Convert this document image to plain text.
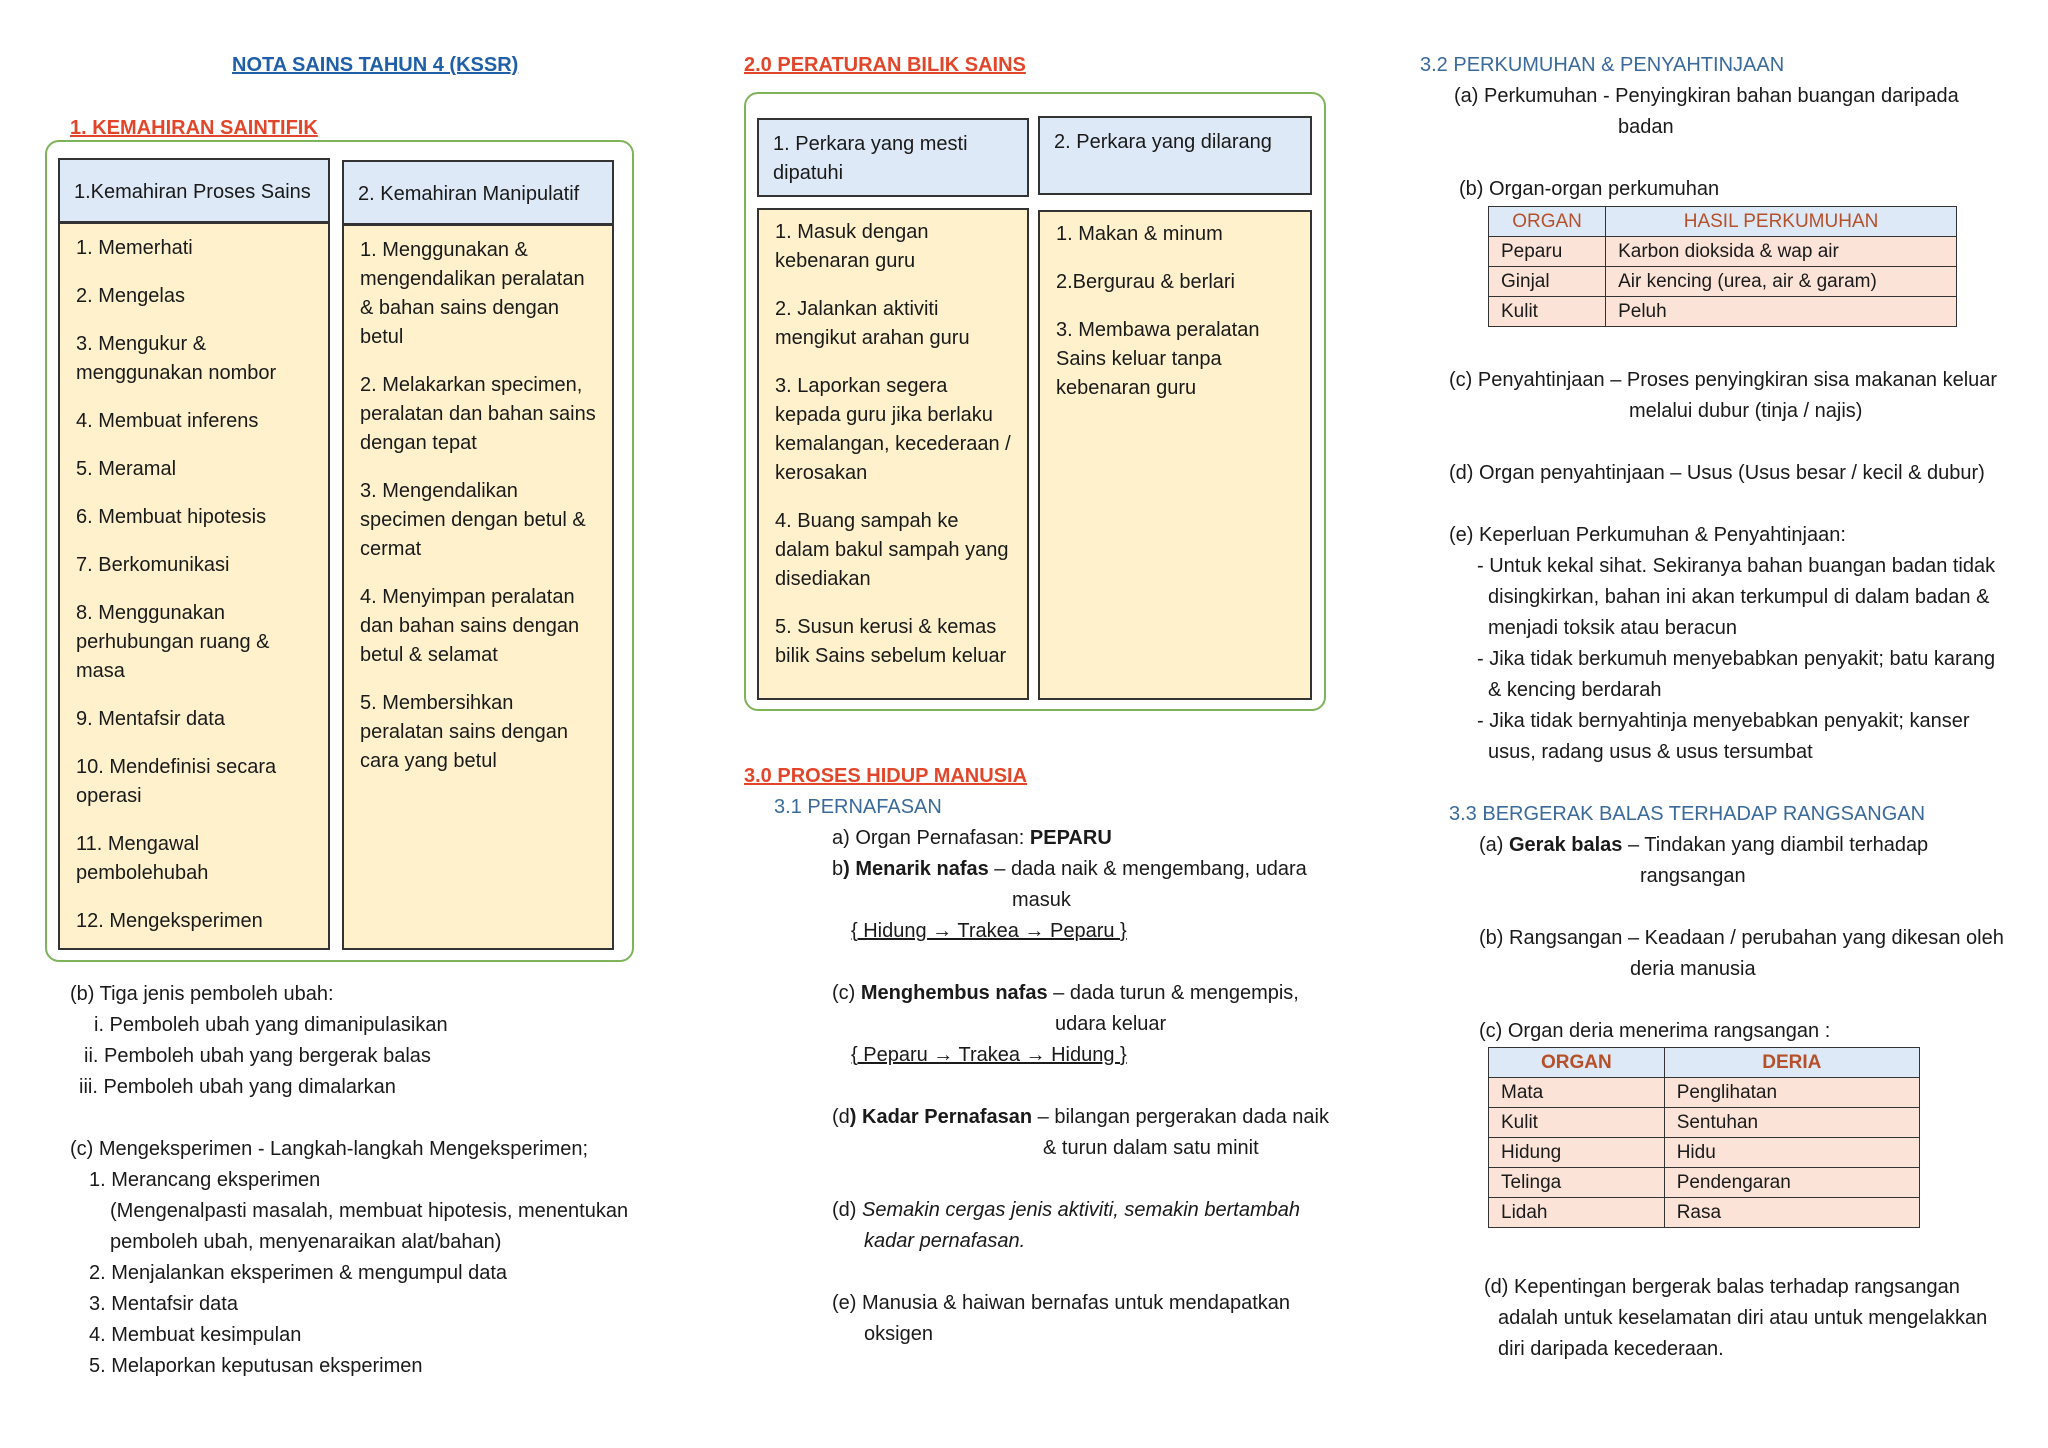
NOTA SAINS TAHUN 4 (KSSR)
1. KEMAHIRAN SAINTIFIK
1.Kemahiran Proses Sains

1. Memerhati

2. Mengelas

3. Mengukur & menggunakan nombor

4. Membuat inferens

5. Meramal

6. Membuat hipotesis

7. Berkomunikasi

8. Menggunakan perhubungan ruang & masa

9. Mentafsir data

10. Mendefinisi secara operasi

11. Mengawal pembolehubah

12. Mengeksperimen

2. Kemahiran Manipulatif

1. Menggunakan & mengendalikan peralatan & bahan sains dengan betul

2. Melakarkan specimen, peralatan dan bahan sains dengan tepat

3. Mengendalikan specimen dengan betul & cermat

4. Menyimpan peralatan dan bahan sains dengan betul & selamat

5. Membersihkan peralatan sains dengan cara yang betul

(b) Tiga jenis pemboleh ubah:
i. Pemboleh ubah yang dimanipulasikan
ii. Pemboleh ubah yang bergerak balas
iii. Pemboleh ubah yang dimalarkan
(c) Mengeksperimen - Langkah-langkah Mengeksperimen;
1. Merancang eksperimen
(Mengenalpasti masalah, membuat hipotesis, menentukan
pemboleh ubah, menyenaraikan alat/bahan)
2. Menjalankan eksperimen & mengumpul data
3. Mentafsir data
4. Membuat kesimpulan
5. Melaporkan keputusan eksperimen
2.0 PERATURAN BILIK SAINS
1. Perkara yang mesti dipatuhi

1. Masuk dengan kebenaran guru

2. Jalankan aktiviti mengikut arahan guru

3. Laporkan segera kepada guru jika berlaku kemalangan, kecederaan / kerosakan

4. Buang sampah ke dalam bakul sampah yang disediakan

5. Susun kerusi & kemas bilik Sains sebelum keluar

2. Perkara yang dilarang

1. Makan & minum

2.Bergurau & berlari

3. Membawa peralatan Sains keluar tanpa kebenaran guru

3.0 PROSES HIDUP MANUSIA
3.1 PERNAFASAN
a) Organ Pernafasan: PEPARU
b) Menarik nafas – dada naik & mengembang, udara
masuk
{ Hidung → Trakea → Peparu }
(c) Menghembus nafas – dada turun & mengempis,
udara keluar
{ Peparu → Trakea → Hidung }
(d) Kadar Pernafasan – bilangan pergerakan dada naik
& turun dalam satu minit
(d) Semakin cergas jenis aktiviti, semakin bertambah
kadar pernafasan.
(e) Manusia & haiwan bernafas untuk mendapatkan
oksigen
3.2 PERKUMUHAN & PENYAHTINJAAN
(a) Perkumuhan - Penyingkiran bahan buangan daripada
badan
(b) Organ-organ perkumuhan
ORGAN	HASIL PERKUMUHAN
Peparu	Karbon dioksida & wap air
Ginjal	Air kencing (urea, air & garam)
Kulit	Peluh
(c) Penyahtinjaan – Proses penyingkiran sisa makanan keluar
melalui dubur (tinja / najis)
(d) Organ penyahtinjaan – Usus (Usus besar / kecil & dubur)
(e) Keperluan Perkumuhan & Penyahtinjaan:
- Untuk kekal sihat. Sekiranya bahan buangan badan tidak
disingkirkan, bahan ini akan terkumpul di dalam badan &
menjadi toksik atau beracun
- Jika tidak berkumuh menyebabkan penyakit; batu karang
& kencing berdarah
- Jika tidak bernyahtinja menyebabkan penyakit; kanser
usus, radang usus & usus tersumbat
3.3 BERGERAK BALAS TERHADAP RANGSANGAN
(a) Gerak balas – Tindakan yang diambil terhadap
rangsangan
(b) Rangsangan – Keadaan / perubahan yang dikesan oleh
deria manusia
(c) Organ deria menerima rangsangan :
ORGAN	DERIA
Mata	Penglihatan
Kulit	Sentuhan
Hidung	Hidu
Telinga	Pendengaran
Lidah	Rasa
(d) Kepentingan bergerak balas terhadap rangsangan
adalah untuk keselamatan diri atau untuk mengelakkan
diri daripada kecederaan.
